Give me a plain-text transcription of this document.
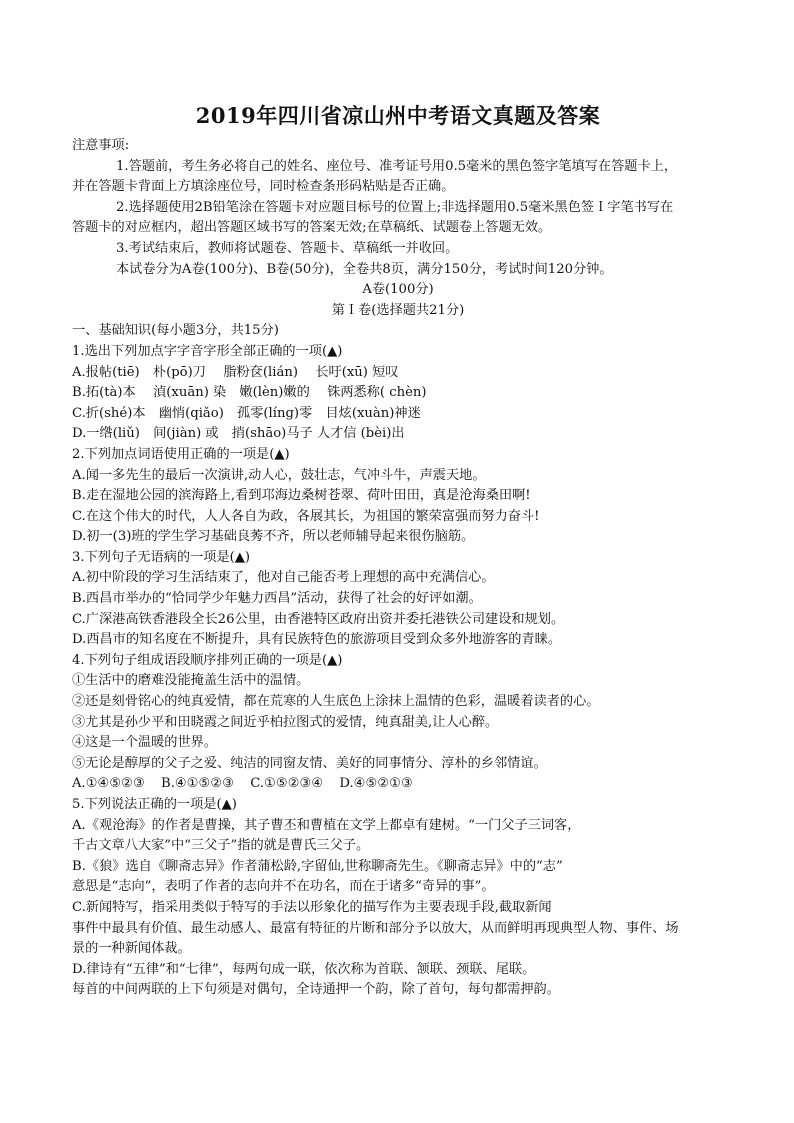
2019年四川省凉山州中考语文真题及答案
注意事项:
1.答题前，考生务必将自己的姓名、座位号、准考证号用0.5毫米的黑色签字笔填写在答题卡上，
并在答题卡背面上方填涂座位号，同时检查条形码粘贴是否正确。
2.选择题使用2B铅笔涂在答题卡对应题目标号的位置上;非选择题用0.5毫米黑色签Ｉ字笔书写在
答题卡的对应框内，超出答题区域书写的答案无效;在草稿纸、试题卷上答题无效。
3.考试结束后，教师将试题卷、答题卡、草稿纸一并收回。
本试卷分为A卷(100分)、B卷(50分)，全卷共8页，满分150分，考试时间120分钟。
A卷(100分)
第Ｉ卷(选择题共21分)
一、基础知识(每小题3分，共15分)
1.选出下列加点字字音字形全部正确的一项(▲)
A.报帖(tiē)　朴(pō)刀　 脂粉奁(lián)　 长吁(xū) 短叹
B.拓(tà)本　 湞(xuān) 染　嫩(lèn)嫩的　 铢两悉称( chèn)
C.折(shé)本　幽悄(qiǎo)　孤零(líng)零　目炫(xuàn)神迷
D.一绺(liǔ)　间(jiàn) 或　捎(shāo)马子 人才信 (bèi)出
2.下列加点词语使用正确的一项是(▲)
A.闻一多先生的最后一次演讲,动人心，鼓壮志，气冲斗牛，声震天地。
B.走在湿地公园的滨海路上,看到邛海边桑树苍翠、荷叶田田，真是沧海桑田啊!
C.在这个伟大的时代，人人各自为政，各展其长，为祖国的繁荣富强而努力奋斗!
D.初一(3)班的学生学习基础良莠不齐，所以老师辅导起来很伤脑筋。
3.下列句子无语病的一项是(▲)
A.初中阶段的学习生活结束了，他对自己能否考上理想的高中充满信心。
B.西昌市举办的“恰同学少年魅力西昌”活动，获得了社会的好评如潮。
C.广深港高铁香港段全长26公里，由香港特区政府出资并委托港铁公司建设和规划。
D.西昌市的知名度在不断提升，具有民族特色的旅游项目受到众多外地游客的青睐。
4.下列句子组成语段顺序排列正确的一项是(▲)
①生活中的磨难没能掩盖生活中的温情。
②还是刻骨铭心的纯真爱情，都在荒寒的人生底色上涂抹上温情的色彩，温暖着读者的心。
③尤其是孙少平和田晓霞之间近乎柏拉图式的爱情，纯真甜美,让人心醉。
④这是一个温暖的世界。
⑤无论是醇厚的父子之爱、纯洁的同窗友情、美好的同事情分、淳朴的乡邻情谊。
A.①④⑤②③ B.④①⑤②③ C.①⑤②③④ D.④⑤②①③
5.下列说法正确的一项是(▲)
A.《观沧海》的作者是曹操，其子曹丕和曹植在文学上都卓有建树。“一门父子三词客，
千古文章八大家”中“三父子”指的就是曹氏三父子。
B.《狼》选自《聊斋志异》作者蒲松龄,字留仙,世称聊斋先生。《聊斋志异》中的“志”
意思是“志向”，表明了作者的志向并不在功名，而在于诸多“奇异的事”。
C.新闻特写，指采用类似于特写的手法以形象化的描写作为主要表现手段,截取新闻
事件中最具有价值、最生动感人、最富有特征的片断和部分予以放大，从而鲜明再现典型人物、事件、场
景的一种新闻体裁。
D.律诗有“五律”和“七律”，每两句成一联，依次称为首联、颔联、颈联、尾联。
每首的中间两联的上下句须是对偶句，全诗通押一个韵，除了首句，每句都需押韵。
